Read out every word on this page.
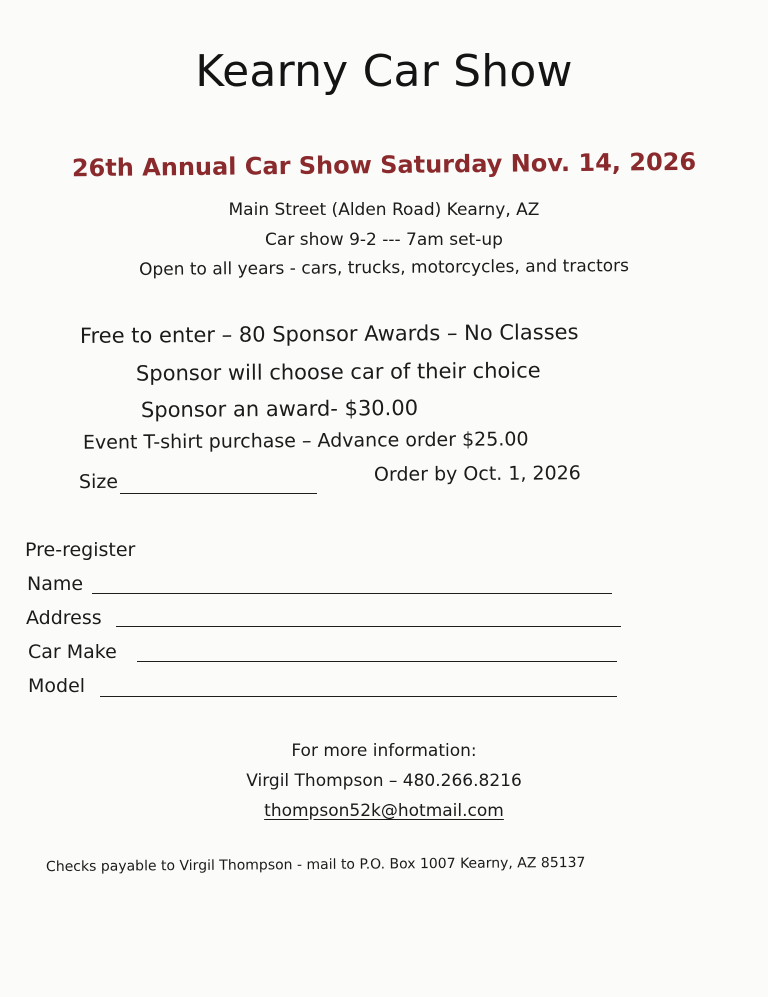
Kearny Car Show
26th Annual Car Show Saturday Nov. 14, 2026
Main Street (Alden Road) Kearny, AZ
Car show 9-2 --- 7am set-up
Open to all years - cars, trucks, motorcycles, and tractors
Free to enter – 80 Sponsor Awards – No Classes
Sponsor will choose car of their choice
Sponsor an award- $30.00
Event T-shirt purchase – Advance order $25.00
Size	Order by Oct. 1, 2026
Pre-register
Name
Address
Car Make
Model
For more information:
Virgil Thompson – 480.266.8216
thompson52k@hotmail.com
Checks payable to Virgil Thompson - mail to P.O. Box 1007 Kearny, AZ 85137
